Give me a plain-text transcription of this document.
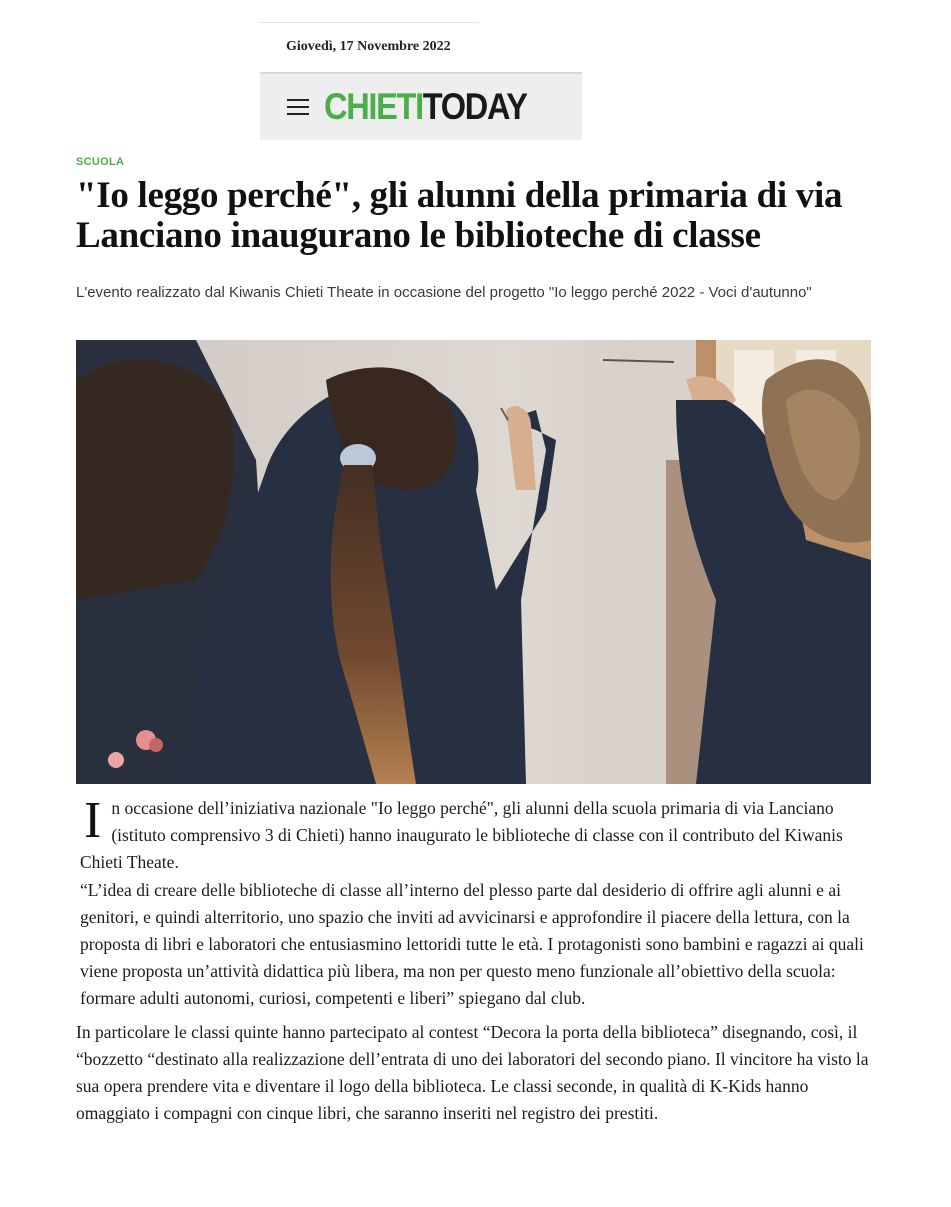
Giovedì, 17 Novembre 2022
CHIETITODAY
SCUOLA
"Io leggo perché", gli alunni della primaria di via Lanciano inaugurano le biblioteche di classe

L'evento realizzato dal Kiwanis Chieti Theate in occasione del progetto "Io leggo perché 2022 - Voci d'autunno"

In occasione dell’iniziativa nazionale "Io leggo perché", gli alunni della scuola primaria di via Lanciano (istituto comprensivo 3 di Chieti) hanno inaugurato le biblioteche di classe con il contributo del Kiwanis Chieti Theate.

“L’idea di creare delle biblioteche di classe all’interno del plesso parte dal desiderio di offrire agli alunni e ai genitori, e quindi alterritorio, uno spazio che inviti ad avvicinarsi e approfondire il piacere della lettura, con la proposta di libri e laboratori che entusiasmino lettoridi tutte le età. I protagonisti sono bambini e ragazzi ai quali viene proposta un’attività didattica più libera, ma non per questo meno funzionale all’obiettivo della scuola: formare adulti autonomi, curiosi, competenti e liberi” spiegano dal club.

In particolare le classi quinte hanno partecipato al contest “Decora la porta della biblioteca” disegnando, così, il “bozzetto “destinato alla realizzazione dell’entrata di uno dei laboratori del secondo piano. Il vincitore ha visto la sua opera prendere vita e diventare il logo della biblioteca. Le classi seconde, in qualità di K-Kids hanno omaggiato i compagni con cinque libri, che saranno inseriti nel registro dei prestiti.
